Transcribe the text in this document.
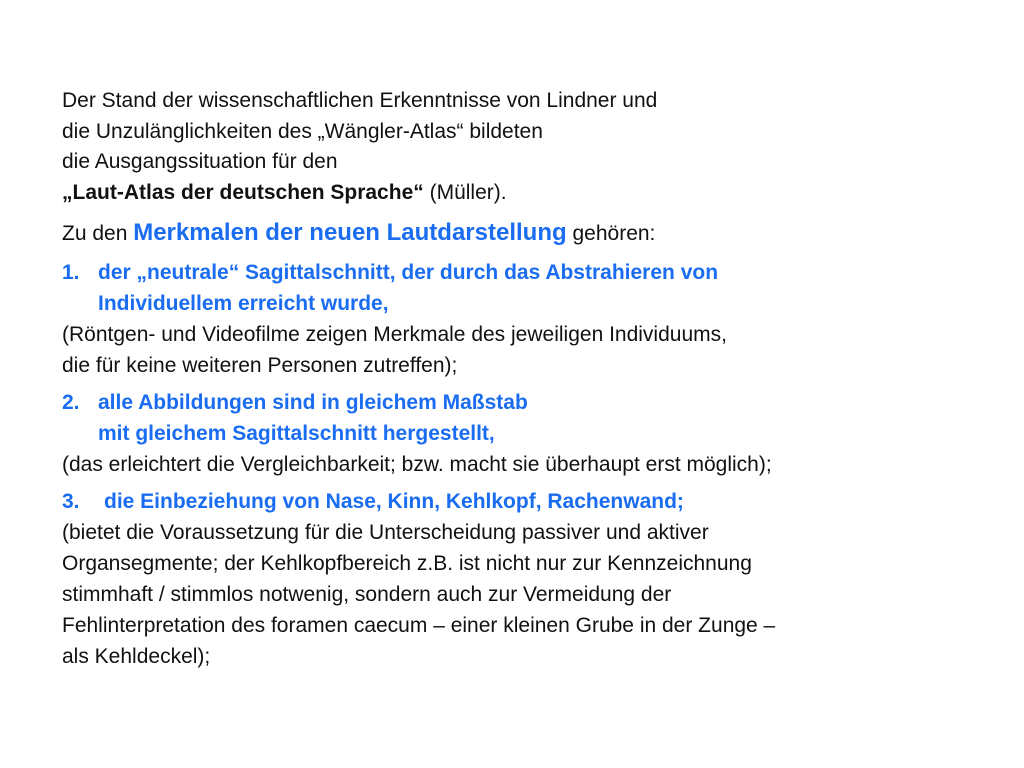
Der Stand der wissenschaftlichen Erkenntnisse von Lindner und
die Unzulänglichkeiten des „Wängler-Atlas“ bildeten
die Ausgangssituation für den
„Laut-Atlas der deutschen Sprache“ (Müller).
Zu den Merkmalen der neuen Lautdarstellung gehören:
1. der „neutrale“ Sagittalschnitt, der durch das Abstrahieren von
Individuellem erreicht wurde,
(Röntgen- und Videofilme zeigen Merkmale des jeweiligen Individuums,
die für keine weiteren Personen zutreffen);
2. alle Abbildungen sind in gleichem Maßstab
mit gleichem Sagittalschnitt hergestellt,
(das erleichtert die Vergleichbarkeit; bzw. macht sie überhaupt erst möglich);
3.	die Einbeziehung von Nase, Kinn, Kehlkopf, Rachenwand;
(bietet die Voraussetzung für die Unterscheidung passiver und aktiver
Organsegmente; der Kehlkopfbereich z.B. ist nicht nur zur Kennzeichnung
stimmhaft / stimmlos notwenig, sondern auch zur Vermeidung der
Fehlinterpretation des foramen caecum – einer kleinen Grube in der Zunge –
als Kehldeckel);
